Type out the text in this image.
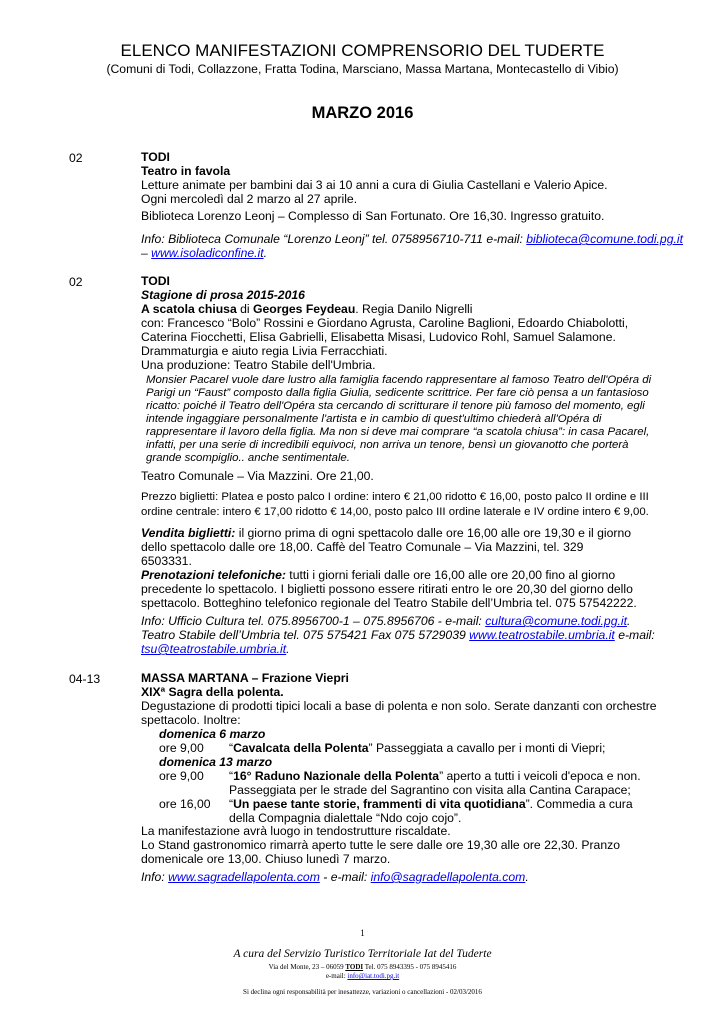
ELENCO MANIFESTAZIONI COMPRENSORIO DEL TUDERTE
(Comuni di Todi, Collazzone, Fratta Todina, Marsciano, Massa Martana, Montecastello di Vibio)
MARZO 2016
02	TODI
Teatro in favola
Letture animate per bambini dai 3 ai 10 anni a cura di Giulia Castellani e Valerio Apice.
Ogni mercoledì dal 2 marzo al 27 aprile.
Biblioteca Lorenzo Leonj – Complesso di San Fortunato. Ore 16,30. Ingresso gratuito.
Info: Biblioteca Comunale “Lorenzo Leonj” tel. 0758956710-711 e-mail: biblioteca@comune.todi.pg.it
– www.isoladiconfine.it.
02	TODI
Stagione di prosa 2015-2016
A scatola chiusa di Georges Feydeau. Regia Danilo Nigrelli
con: Francesco “Bolo” Rossini e Giordano Agrusta, Caroline Baglioni, Edoardo Chiabolotti,
Caterina Fiocchetti, Elisa Gabrielli, Elisabetta Misasi, Ludovico Rohl, Samuel Salamone.
Drammaturgia e aiuto regia Livia Ferracchiati.
Una produzione: Teatro Stabile dell'Umbria.
Monsier Pacarel vuole dare lustro alla famiglia facendo rappresentare al famoso Teatro dell'Opéra di
Parigi un “Faust” composto dalla figlia Giulia, sedicente scrittrice. Per fare ciò pensa a un fantasioso
ricatto: poiché il Teatro dell'Opéra sta cercando di scritturare il tenore più famoso del momento, egli
intende ingaggiare personalmente l'artista e in cambio di quest'ultimo chiederà all'Opéra di
rappresentare il lavoro della figlia. Ma non si deve mai comprare “a scatola chiusa”: in casa Pacarel,
infatti, per una serie di incredibili equivoci, non arriva un tenore, bensì un giovanotto che porterà
grande scompiglio.. anche sentimentale.
Teatro Comunale – Via Mazzini. Ore 21,00.
Prezzo biglietti: Platea e posto palco I ordine: intero € 21,00 ridotto € 16,00, posto palco II ordine e III
ordine centrale: intero € 17,00 ridotto € 14,00, posto palco III ordine laterale e IV ordine intero € 9,00.
Vendita biglietti: il giorno prima di ogni spettacolo dalle ore 16,00 alle ore 19,30 e il giorno
dello spettacolo dalle ore 18,00. Caffè del Teatro Comunale – Via Mazzini, tel. 329
6503331.
Prenotazioni telefoniche: tutti i giorni feriali dalle ore 16,00 alle ore 20,00 fino al giorno
precedente lo spettacolo. I biglietti possono essere ritirati entro le ore 20,30 del giorno dello
spettacolo. Botteghino telefonico regionale del Teatro Stabile dell’Umbria tel. 075 57542222.
Info: Ufficio Cultura tel. 075.8956700-1 – 075.8956706 - e-mail: cultura@comune.todi.pg.it.
Teatro Stabile dell’Umbria tel. 075 575421 Fax 075 5729039 www.teatrostabile.umbria.it e-mail:
tsu@teatrostabile.umbria.it.
04-13	MASSA MARTANA – Frazione Viepri
XIXª Sagra della polenta.
Degustazione di prodotti tipici locali a base di polenta e non solo. Serate danzanti con orchestre
spettacolo. Inoltre:
domenica 6 marzo
ore 9,00 “Cavalcata della Polenta” Passeggiata a cavallo per i monti di Viepri;
domenica 13 marzo
ore 9,00 “16° Raduno Nazionale della Polenta” aperto a tutti i veicoli d'epoca e non.
Passeggiata per le strade del Sagrantino con visita alla Cantina Carapace;
ore 16,00 “Un paese tante storie, frammenti di vita quotidiana”. Commedia a cura
della Compagnia dialettale “Ndo cojo cojo”.
La manifestazione avrà luogo in tendostrutture riscaldate.
Lo Stand gastronomico rimarrà aperto tutte le sere dalle ore 19,30 alle ore 22,30. Pranzo
domenicale ore 13,00. Chiuso lunedì 7 marzo.
Info: www.sagradellapolenta.com - e-mail: info@sagradellapolenta.com.
1
A cura del Servizio Turistico Territoriale Iat del Tuderte
Via del Monte, 23 – 06059 TODI Tel. 075 8943395 - 075 8945416
e-mail: info@iat.todi.pg.it
Si declina ogni responsabilità per inesattezze, variazioni o cancellazioni - 02/03/2016
